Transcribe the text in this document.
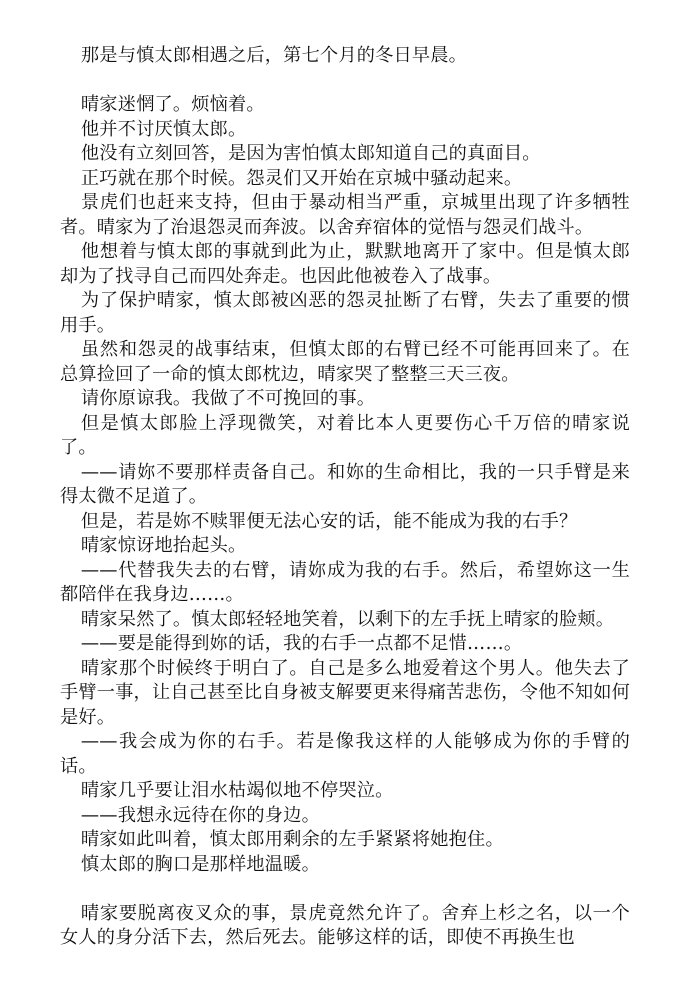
那是与慎太郎相遇之后，第七个月的冬日早晨。

晴家迷惘了。烦恼着。

他并不讨厌慎太郎。

他没有立刻回答，是因为害怕慎太郎知道自己的真面目。

正巧就在那个时候。怨灵们又开始在京城中骚动起来。

景虎们也赶来支持，但由于暴动相当严重，京城里出现了许多牺牲者。晴家为了治退怨灵而奔波。以舍弃宿体的觉悟与怨灵们战斗。

他想着与慎太郎的事就到此为止，默默地离开了家中。但是慎太郎却为了找寻自己而四处奔走。也因此他被卷入了战事。

为了保护晴家，慎太郎被凶恶的怨灵扯断了右臂，失去了重要的惯用手。

虽然和怨灵的战事结束，但慎太郎的右臂已经不可能再回来了。在总算捡回了一命的慎太郎枕边，晴家哭了整整三天三夜。

请你原谅我。我做了不可挽回的事。

但是慎太郎脸上浮现微笑，对着比本人更要伤心千万倍的晴家说了。

——请妳不要那样责备自己。和妳的生命相比，我的一只手臂是来得太微不足道了。

但是，若是妳不赎罪便无法心安的话，能不能成为我的右手？

晴家惊讶地抬起头。

——代替我失去的右臂，请妳成为我的右手。然后，希望妳这一生都陪伴在我身边……。

晴家呆然了。慎太郎轻轻地笑着，以剩下的左手抚上晴家的脸颊。

——要是能得到妳的话，我的右手一点都不足惜……。

晴家那个时候终于明白了。自己是多么地爱着这个男人。他失去了手臂一事，让自己甚至比自身被支解要更来得痛苦悲伤，令他不知如何是好。

——我会成为你的右手。若是像我这样的人能够成为你的手臂的话。

晴家几乎要让泪水枯竭似地不停哭泣。

——我想永远待在你的身边。

晴家如此叫着，慎太郎用剩余的左手紧紧将她抱住。

慎太郎的胸口是那样地温暖。

晴家要脱离夜叉众的事，景虎竟然允许了。舍弃上杉之名，以一个女人的身分活下去，然后死去。能够这样的话，即使不再换生也
